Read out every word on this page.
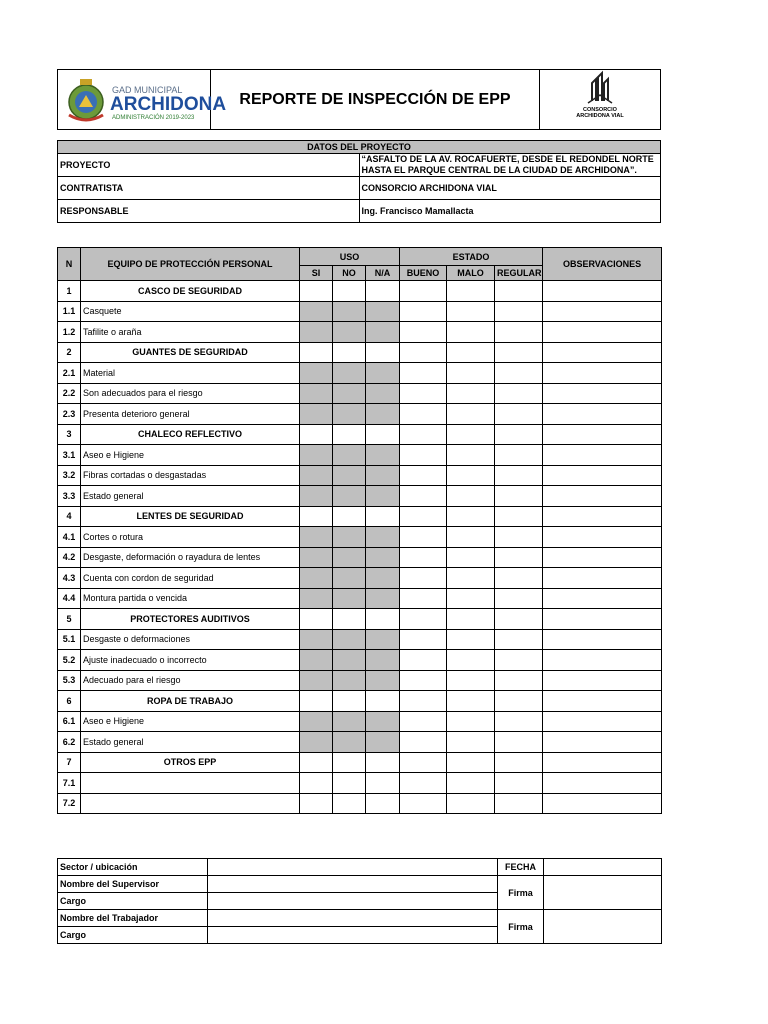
GAD MUNICIPAL
ARCHIDONA
ADMINISTRACIÓN 2019-2023
	REPORTE DE INSPECCIÓN DE EPP	
CONSORCIO
ARCHIDONA VIAL
DATOS DEL PROYECTO	
PROYECTO	“ASFALTO DE LA AV. ROCAFUERTE, DESDE EL REDONDEL NORTE HASTA EL PARQUE CENTRAL DE LA CIUDAD DE ARCHIDONA”.
CONTRATISTA	CONSORCIO ARCHIDONA VIAL
RESPONSABLE	Ing. Francisco Mamallacta
N	EQUIPO DE PROTECCIÓN PERSONAL	USO			ESTADO			OBSERVACIONES
		SI	NO	N/A	BUENO	MALO	REGULAR	
1	CASCO DE SEGURIDAD							
1.1	Casquete							
1.2	Tafilite o araña							
2	GUANTES DE SEGURIDAD							
2.1	Material							
2.2	Son adecuados para el riesgo							
2.3	Presenta deterioro general							
3	CHALECO REFLECTIVO							
3.1	Aseo e Higiene							
3.2	Fibras cortadas o desgastadas							
3.3	Estado general							
4	LENTES DE SEGURIDAD							
4.1	Cortes o rotura							
4.2	Desgaste, deformación o rayadura de lentes							
4.3	Cuenta con cordon de seguridad							
4.4	Montura partida o vencida							
5	PROTECTORES AUDITIVOS							
5.1	Desgaste o deformaciones							
5.2	Ajuste inadecuado o incorrecto							
5.3	Adecuado para el riesgo							
6	ROPA DE TRABAJO							
6.1	Aseo e Higiene							
6.2	Estado general							
7	OTROS EPP							
7.1								
7.2								
Sector / ubicación		FECHA	
Nombre del Supervisor		Firma	
Cargo			
Nombre del Trabajador		Firma	
Cargo			
